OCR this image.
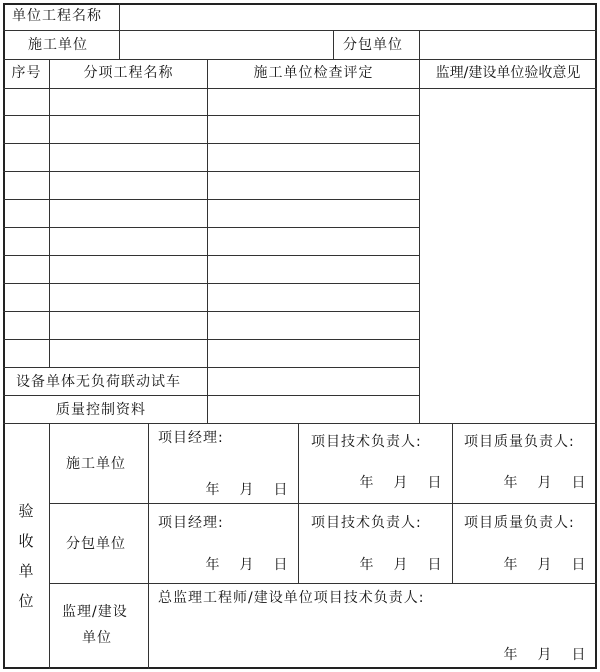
单位工程名称
施工单位	分包单位
序号	分项工程名称	施工单位检查评定	监理/建设单位验收意见
设备单体无负荷联动试车
质量控制资料
验
收
单
位
施工单位
项目经理:	项目技术负责人:	项目质量负责人:
年 月 日	年 月 日	年 月 日
分包单位
项目经理:	项目技术负责人:	项目质量负责人:
年 月 日	年 月 日	年 月 日
监理/建设
单位
总监理工程师/建设单位项目技术负责人:
年 月 日
